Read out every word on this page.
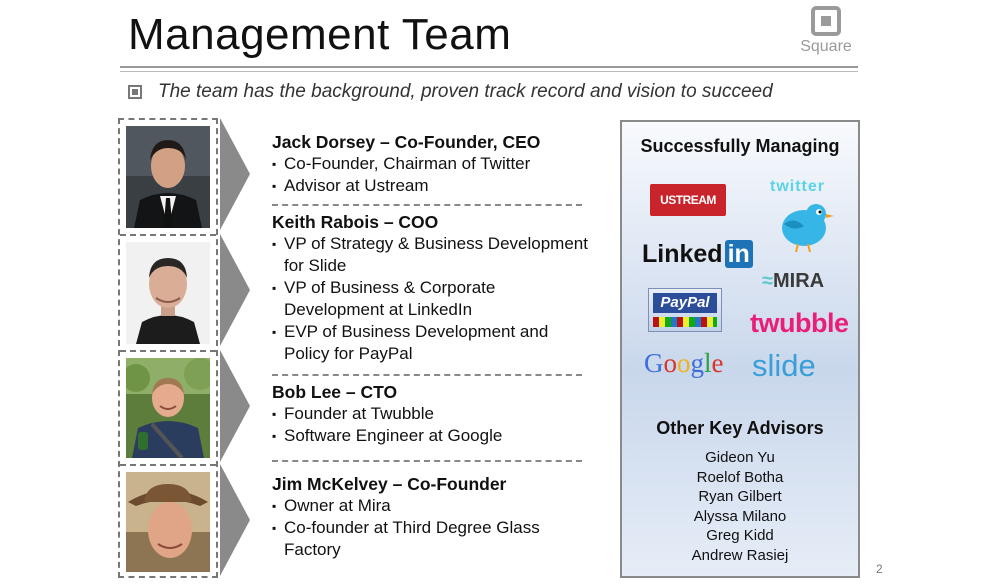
Management Team	Square
The team has the background, proven track record and vision to succeed
Jack Dorsey – Co-Founder, CEO
▪ Co-Founder, Chairman of Twitter
▪ Advisor at Ustream
Keith Rabois – COO
▪ VP of Strategy & Business Development for Slide
▪ VP of Business & Corporate Development at LinkedIn
▪ EVP of Business Development and Policy for PayPal
Bob Lee – CTO
▪ Founder at Twubble
▪ Software Engineer at Google
Jim McKelvey – Co-Founder
▪ Owner at Mira
▪ Co-founder at Third Degree Glass Factory
Successfully Managing
USTREAM
twitter
Linked in
≈MIRA
PayPal
twubble
Google slide
Other Key Advisors
Gideon Yu
Roelof Botha
Ryan Gilbert
Alyssa Milano
Greg Kidd
Andrew Rasiej
2
